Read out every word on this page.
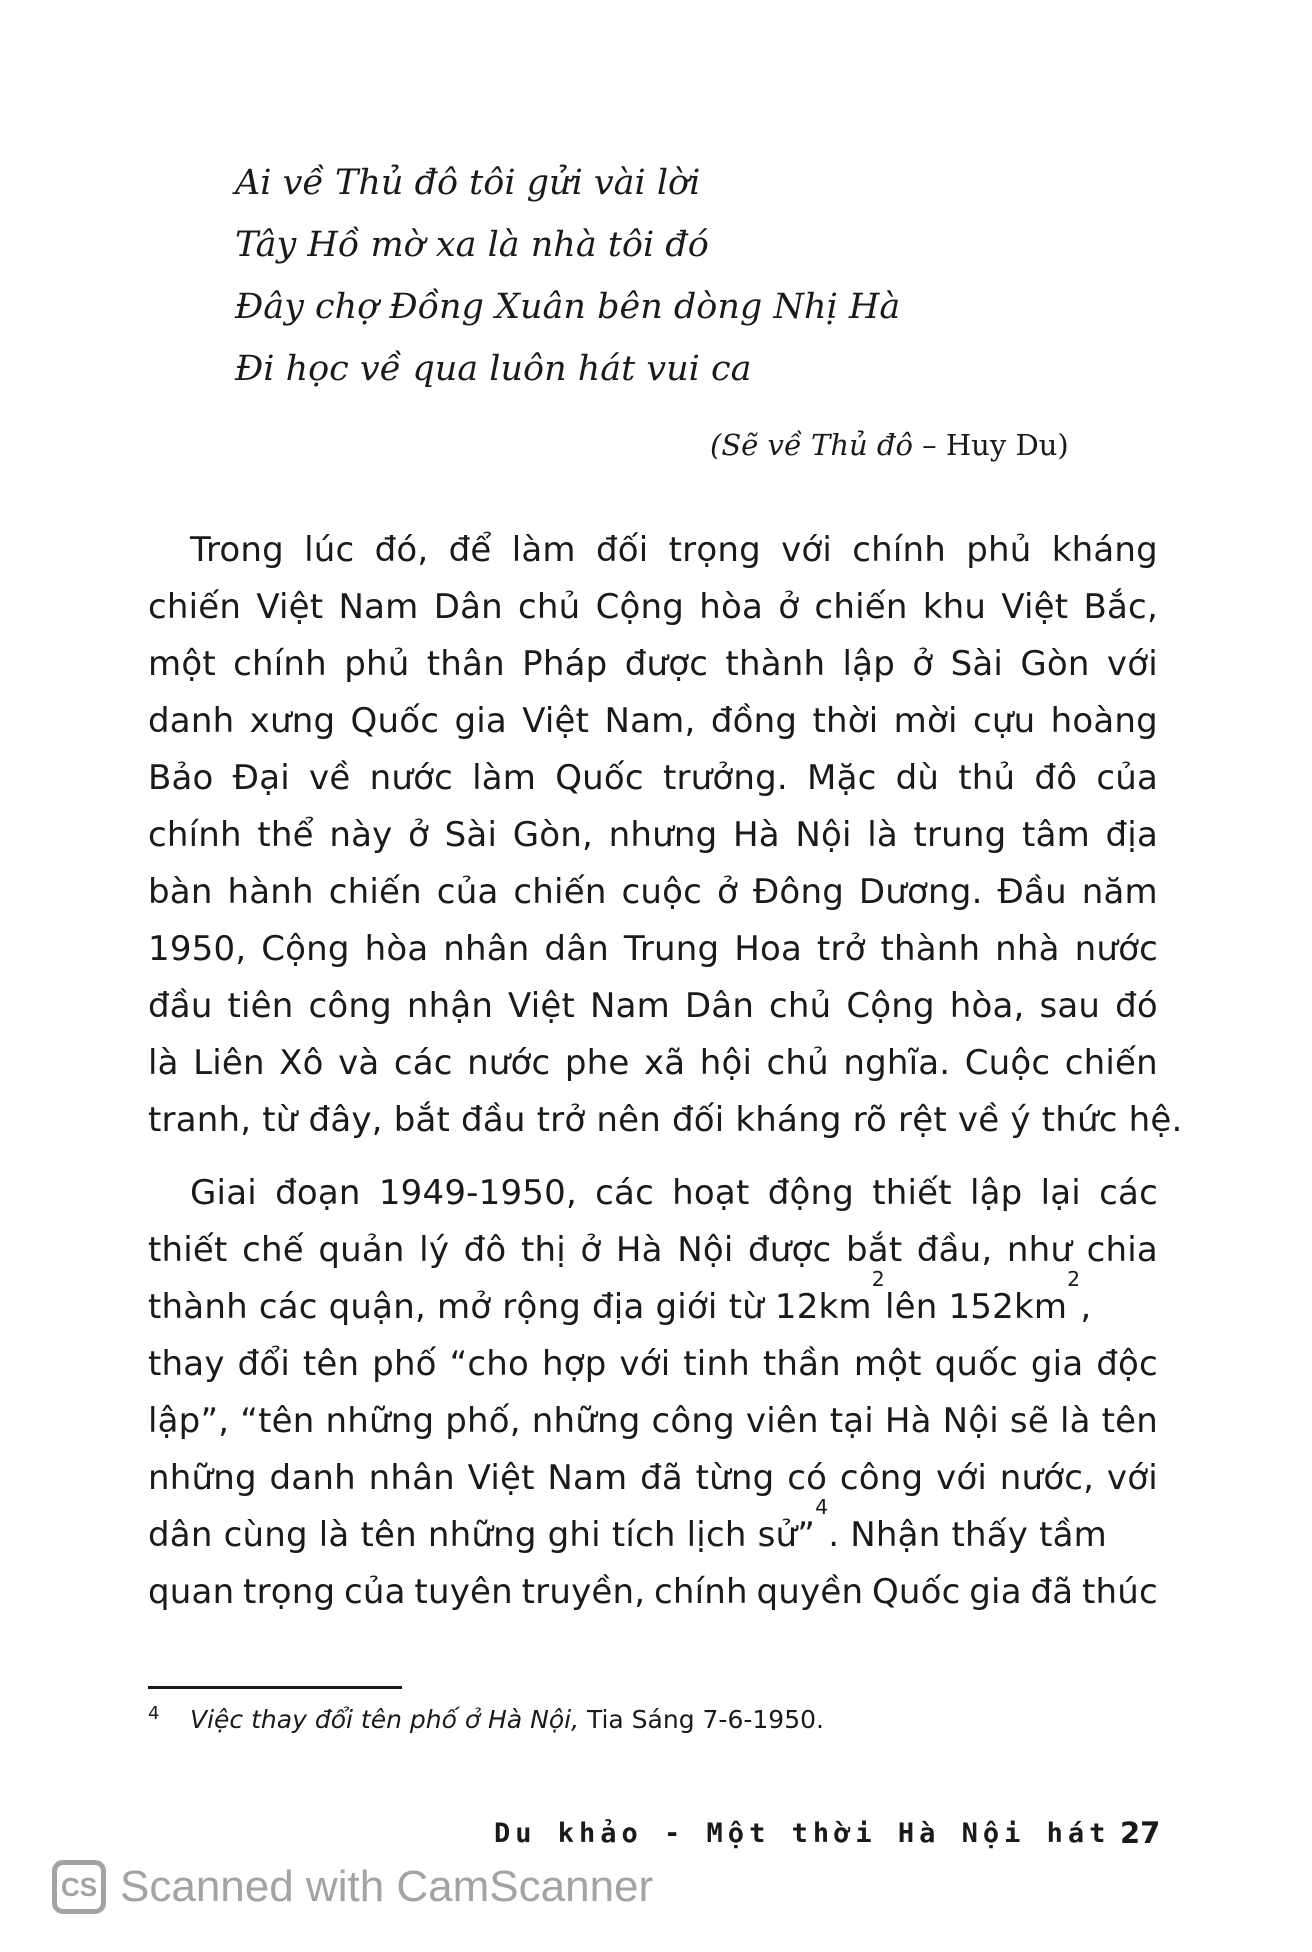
Ai về Thủ đô tôi gửi vài lời
Tây Hồ mờ xa là nhà tôi đó
Đây chợ Đồng Xuân bên dòng Nhị Hà
Đi học về qua luôn hát vui ca
(Sẽ về Thủ đô – Huy Du)
Trong lúc đó, để làm đối trọng với chính phủ kháng
chiến Việt Nam Dân chủ Cộng hòa ở chiến khu Việt Bắc,
một chính phủ thân Pháp được thành lập ở Sài Gòn với
danh xưng Quốc gia Việt Nam, đồng thời mời cựu hoàng
Bảo Đại về nước làm Quốc trưởng. Mặc dù thủ đô của
chính thể này ở Sài Gòn, nhưng Hà Nội là trung tâm địa
bàn hành chiến của chiến cuộc ở Đông Dương. Đầu năm
1950, Cộng hòa nhân dân Trung Hoa trở thành nhà nước
đầu tiên công nhận Việt Nam Dân chủ Cộng hòa, sau đó
là Liên Xô và các nước phe xã hội chủ nghĩa. Cuộc chiến
tranh, từ đây, bắt đầu trở nên đối kháng rõ rệt về ý thức hệ.
Giai đoạn 1949-1950, các hoạt động thiết lập lại các
thiết chế quản lý đô thị ở Hà Nội được bắt đầu, như chia
thành các quận, mở rộng địa giới từ 12km
2
lên 152km
2
,
thay đổi tên phố “cho hợp với tinh thần một quốc gia độc
lập”, “tên những phố, những công viên tại Hà Nội sẽ là tên
những danh nhân Việt Nam đã từng có công với nước, với
dân cùng là tên những ghi tích lịch sử”
4
. Nhận thấy tầm
quan trọng của tuyên truyền, chính quyền Quốc gia đã thúc
4 Việc thay đổi tên phố ở Hà Nội, Tia Sáng 7-6-1950.
Du khảo - Một thời Hà Nội hát 27
CS Scanned with CamScanner
